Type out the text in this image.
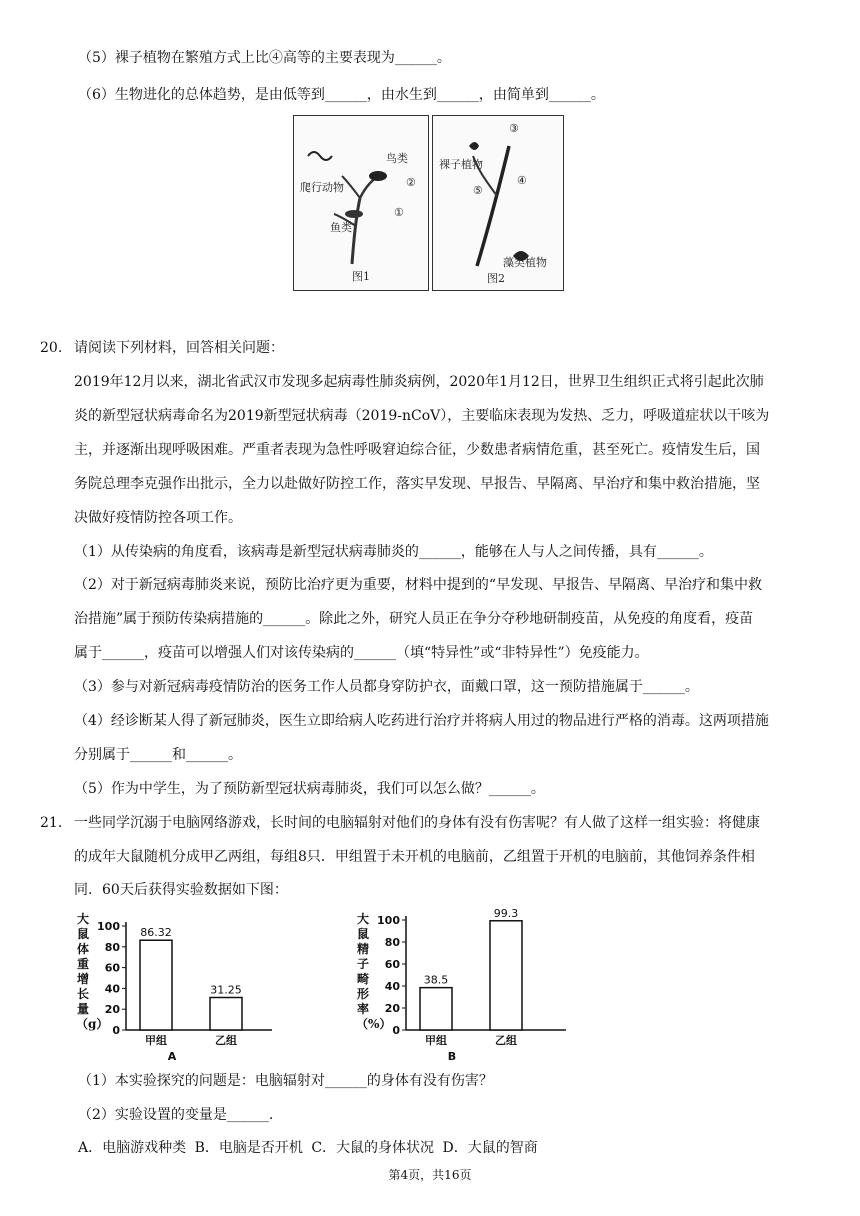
（5）裸子植物在繁殖方式上比④高等的主要表现为______。
（6）生物进化的总体趋势，是由低等到______，由水生到______，由简单到______。
鸟类
爬行动物
鱼类
②
①
图1
③
裸子植物
④
⑤
藻类植物
图2
20. 请阅读下列材料，回答相关问题：
2019年12月以来，湖北省武汉市发现多起病毒性肺炎病例，2020年1月12日，世界卫生组织正式将引起此次肺
炎的新型冠状病毒命名为2019新型冠状病毒（2019-nCoV），主要临床表现为发热、乏力，呼吸道症状以干咳为
主，并逐渐出现呼吸困难。严重者表现为急性呼吸窘迫综合征，少数患者病情危重，甚至死亡。疫情发生后，国
务院总理李克强作出批示，全力以赴做好防控工作，落实早发现、早报告、早隔离、早治疗和集中救治措施，坚
决做好疫情防控各项工作。
（1）从传染病的角度看，该病毒是新型冠状病毒肺炎的______，能够在人与人之间传播，具有______。
（2）对于新冠病毒肺炎来说，预防比治疗更为重要，材料中提到的“早发现、早报告、早隔离、早治疗和集中救
治措施”属于预防传染病措施的______。除此之外，研究人员正在争分夺秒地研制疫苗，从免疫的角度看，疫苗
属于______，疫苗可以增强人们对该传染病的______（填“特异性”或“非特异性”）免疫能力。
（3）参与对新冠病毒疫情防治的医务工作人员都身穿防护衣，面戴口罩，这一预防措施属于______。
（4）经诊断某人得了新冠肺炎，医生立即给病人吃药进行治疗并将病人用过的物品进行严格的消毒。这两项措施
分别属于______和______。
（5）作为中学生，为了预防新型冠状病毒肺炎，我们可以怎么做？______。
21. 一些同学沉溺于电脑网络游戏，长时间的电脑辐射对他们的身体有没有伤害呢？有人做了这样一组实验：将健康
的成年大鼠随机分成甲乙两组，每组8只．甲组置于未开机的电脑前，乙组置于开机的电脑前，其他饲养条件相
同．60天后获得实验数据如下图：
大鼠体重增长量（g） 0
20
40
60
80
100 86.32
甲组
31.25
乙组
A
大鼠精子畸形率（%） 0
20
40
60
80
100
38.5
甲组
99.3
乙组
B
（1）本实验探究的问题是：电脑辐射对______的身体有没有伤害？
（2）实验设置的变量是______.
A．电脑游戏种类 B．电脑是否开机 C．大鼠的身体状况 D．大鼠的智商
第4页，共16页
